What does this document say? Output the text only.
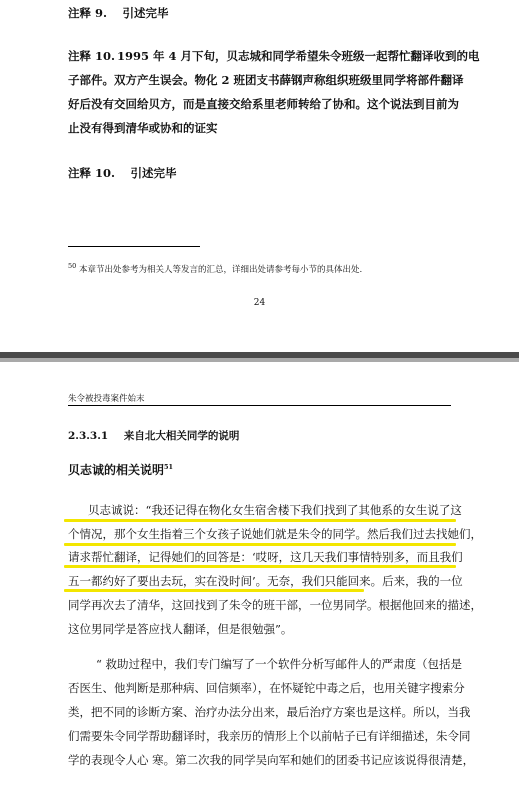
注释 9.　 引述完毕
注释 10. 1995 年 4 月下旬，贝志城和同学希望朱令班级一起帮忙翻译收到的电
子部件。双方产生误会。物化 2 班团支书薛钢声称组织班级里同学将部件翻译
好后没有交回给贝方，而是直接交给系里老师转给了协和。这个说法到目前为
止没有得到清华或协和的证实
注释 10.　 引述完毕
$^{50}$ 本章节出处参考为相关人等发言的汇总，详细出处请参考每小节的具体出处.
24
朱令被投毒案件始末
2.3.3.1 来自北大相关同学的说明
贝志诚的相关说明$^{51}$
贝志诚说：“我还记得在物化女生宿舍楼下我们找到了其他系的女生说了这
个情况，那个女生指着三个女孩子说她们就是朱令的同学。然后我们过去找她们，
请求帮忙翻译，记得她们的回答是：‘哎呀，这几天我们事情特别多，而且我们
五一都约好了要出去玩，实在没时间’。无奈，我们只能回来。后来，我的一位
同学再次去了清华，这回找到了朱令的班干部，一位男同学。根据他回来的描述，
这位男同学是答应找人翻译，但是很勉强”。
“ 救助过程中，我们专门编写了一个软件分析写邮件人的严肃度（包括是
否医生、他判断是那种病、回信频率），在怀疑铊中毒之后，也用关键字搜索分
类，把不同的诊断方案、治疗办法分出来，最后治疗方案也是这样。所以，当我
们需要朱令同学帮助翻译时，我亲历的情形上个以前帖子已有详细描述，朱令同
学的表现令人心 寒。第二次我的同学吴向军和她们的团委书记应该说得很清楚，
